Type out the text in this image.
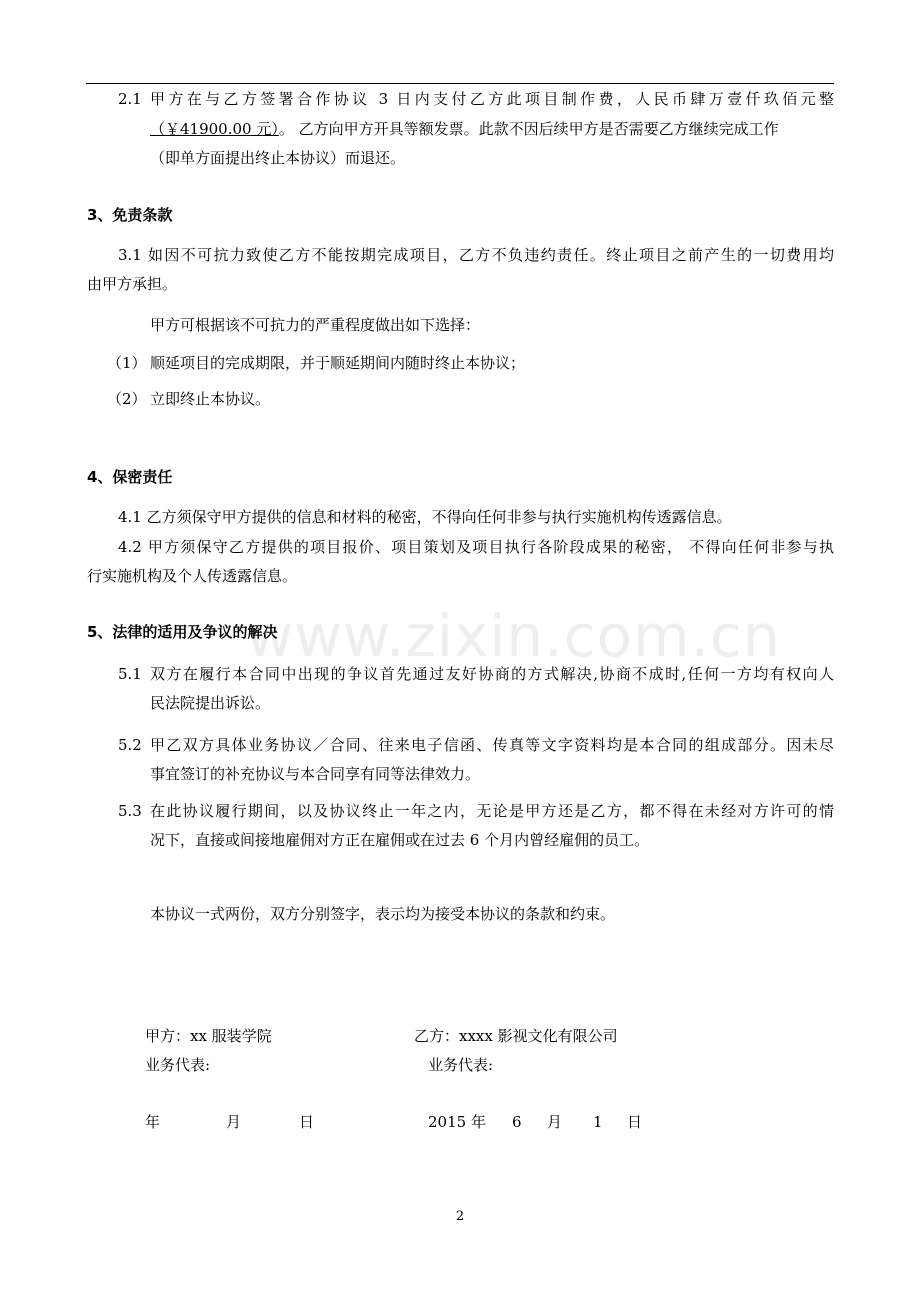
www.zixin.com.cn
2.1 甲方在与乙方签署合作协议 3 日内支付乙方此项目制作费，人民币肆万壹仟玖佰元整
（￥41900.00 元）。 乙方向甲方开具等额发票。此款不因后续甲方是否需要乙方继续完成工作
（即单方面提出终止本协议）而退还。
3、免责条款
3.1 如因不可抗力致使乙方不能按期完成项目，乙方不负违约责任。终止项目之前产生的一切费用均
由甲方承担。
甲方可根据该不可抗力的严重程度做出如下选择：
（1） 顺延项目的完成期限，并于顺延期间内随时终止本协议；
（2） 立即终止本协议。
4、保密责任
4.1 乙方须保守甲方提供的信息和材料的秘密，不得向任何非参与执行实施机构传透露信息。
4.2 甲方须保守乙方提供的项目报价、项目策划及项目执行各阶段成果的秘密， 不得向任何非参与执
行实施机构及个人传透露信息。
5、法律的适用及争议的解决
5.1 双方在履行本合同中出现的争议首先通过友好协商的方式解决,协商不成时,任何一方均有权向人
民法院提出诉讼。
5.2 甲乙双方具体业务协议／合同、往来电子信函、传真等文字资料均是本合同的组成部分。因未尽
事宜签订的补充协议与本合同享有同等法律效力。
5.3 在此协议履行期间，以及协议终止一年之内，无论是甲方还是乙方，都不得在未经对方许可的情
况下，直接或间接地雇佣对方正在雇佣或在过去 6 个月内曾经雇佣的员工。
本协议一式两份，双方分别签字，表示均为接受本协议的条款和约束。
甲方：xx 服装学院	乙方：xxxx 影视文化有限公司
业务代表:	业务代表:
年	月	日	2015 年 6 月 1 日
2
